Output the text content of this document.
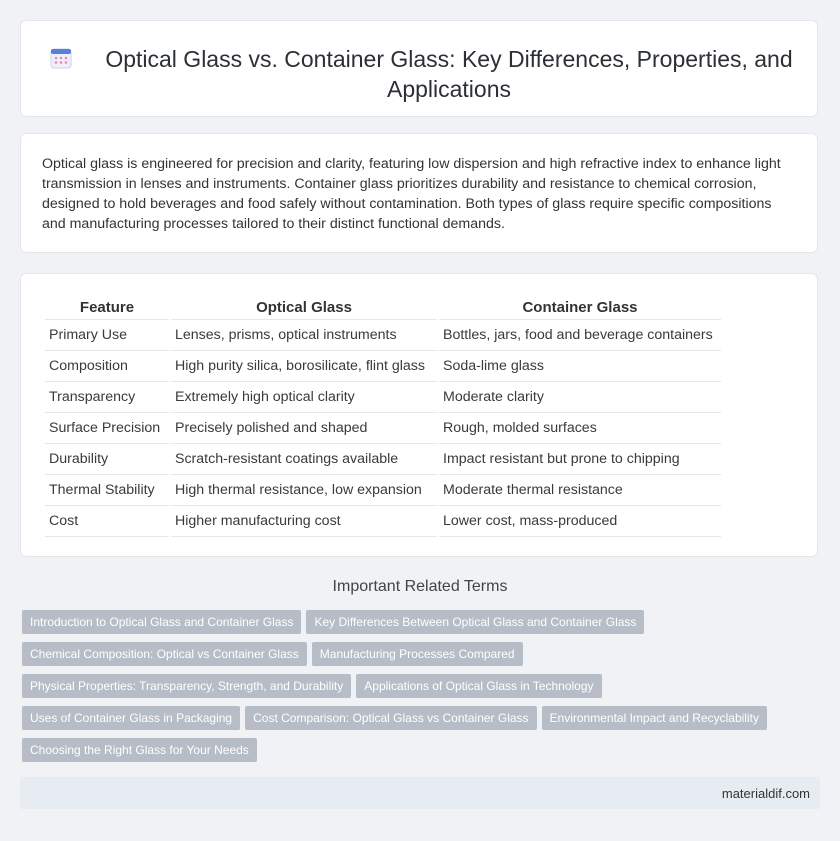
Optical Glass vs. Container Glass: Key Differences, Properties, and Applications

Optical glass is engineered for precision and clarity, featuring low dispersion and high refractive index to enhance light transmission in lenses and instruments. Container glass prioritizes durability and resistance to chemical corrosion, designed to hold beverages and food safely without contamination. Both types of glass require specific compositions and manufacturing processes tailored to their distinct functional demands.

Feature	Optical Glass	Container Glass
Primary Use	Lenses, prisms, optical instruments	Bottles, jars, food and beverage containers
Composition	High purity silica, borosilicate, flint glass	Soda-lime glass
Transparency	Extremely high optical clarity	Moderate clarity
Surface Precision	Precisely polished and shaped	Rough, molded surfaces
Durability	Scratch-resistant coatings available	Impact resistant but prone to chipping
Thermal Stability	High thermal resistance, low expansion	Moderate thermal resistance
Cost	Higher manufacturing cost	Lower cost, mass-produced
Important Related Terms
Introduction to Optical Glass and Container Glass Key Differences Between Optical Glass and Container Glass
Chemical Composition: Optical vs Container Glass Manufacturing Processes Compared
Physical Properties: Transparency, Strength, and Durability Applications of Optical Glass in Technology
Uses of Container Glass in Packaging Cost Comparison: Optical Glass vs Container Glass Environmental Impact and Recyclability
Choosing the Right Glass for Your Needs
materialdif.com
